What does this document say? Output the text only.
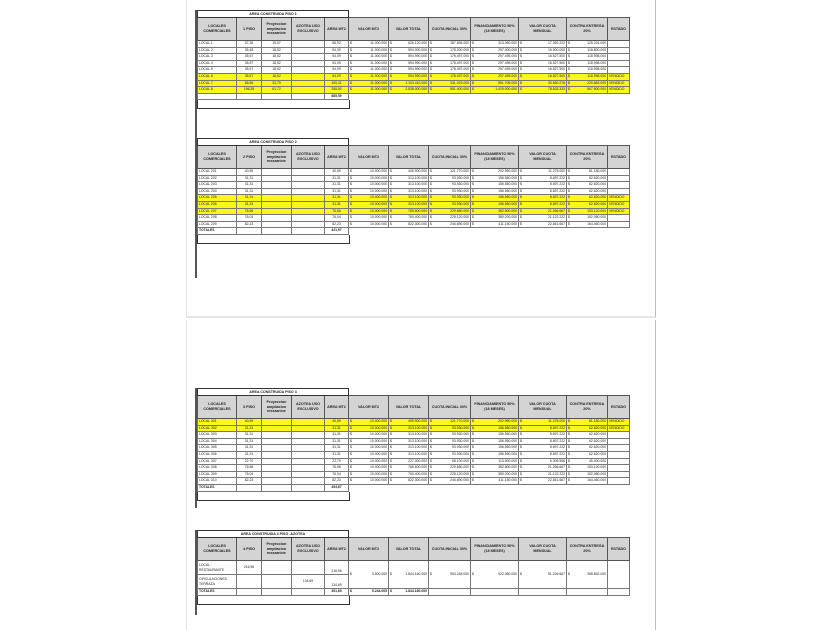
AREA CONSTRUIDA PISO 1											
LOCALES COMERCIALES	1 PISO	Proyeccion ampliacion mezzanine	AZOTEA USO EXCLUSIVO	AREA MT2	VALOR MT2	VALOR TOTAL	CUOTA INICIAL 30%	FINANCIAMIENTO 50% (18 MESES)	VALOR CUOTA MENSUAL	CONTRA ENTREGA 20%	ESTADO
LOCAL 1	37,35	19,57		56,92	$ 11.000.000	$ 626.120.000	$ 187.836.000	$ 313.060.000	$ 17.392.222	$ 125.224.000	

LOCAL 2	35,48	18,52		54,00	$ 11.000.000	$ 594.000.000	$ 178.200.000	$ 297.000.000	$ 16.500.000	$ 118.800.000	

LOCAL 3	35,57	18,52		54,09	$ 11.000.000	$ 594.990.000	$ 178.497.000	$ 297.495.000	$ 16.527.500	$ 118.998.000	

LOCAL 4	35,57	18,52		54,09	$ 11.000.000	$ 594.990.000	$ 178.497.000	$ 297.495.000	$ 16.527.500	$ 118.998.000	

LOCAL 5	35,57	18,52		54,09	$ 11.000.000	$ 594.990.000	$ 178.497.000	$ 297.495.000	$ 16.527.500	$ 118.998.000	

LOCAL 6	35,57	18,52		54,09	$ 11.000.000	$ 594.990.000	$ 178.497.000	$ 297.495.000	$ 16.527.500	$ 118.998.000	VENDIDO
LOCAL 7	66,56	33,75		100,31	$ 11.000.000	$ 1.103.410.000	$ 331.023.000	$ 551.705.000	$ 30.650.278	$ 220.682.000	VENDIDO
LOCAL 8	196,28	61,72		258,00	$ 11.000.000	$ 2.838.000.000	$ 851.400.000	$ 1.419.000.000	$ 78.833.333	$ 567.600.000	VENDIDO
				685,59							
AREA CONSTRUIDA PISO 2											
LOCALES COMERCIALES	2 PISO	Proyeccion ampliacion mezzanine	AZOTEA USO EXCLUSIVO	AREA MT2	VALOR MT2	VALOR TOTAL	CUOTA INICIAL 30%	FINANCIAMIENTO 50% (18 MESES)	VALOR CUOTA MENSUAL	CONTRA ENTREGA 20%	ESTADO
LOCAL 201	40,59			40,59	$ 10.000.000	$ 405.900.000	$ 121.770.000	$ 202.950.000	$ 11.275.000	$ 81.180.000	

LOCAL 202	31,31			31,31	$ 10.000.000	$ 313.100.000	$ 93.930.000	$ 156.550.000	$ 8.697.222	$ 62.620.000	

LOCAL 203	31,31			31,31	$ 10.000.000	$ 313.100.000	$ 93.930.000	$ 156.550.000	$ 8.697.222	$ 62.620.000	

LOCAL 204	31,31			31,31	$ 10.000.000	$ 313.100.000	$ 93.930.000	$ 156.550.000	$ 8.697.222	$ 62.620.000	

LOCAL 205	31,31			31,31	$ 10.000.000	$ 313.100.000	$ 93.930.000	$ 156.550.000	$ 8.697.222	$ 62.620.000	VENDIDO
LOCAL 206	31,31			31,31	$ 10.000.000	$ 313.100.000	$ 93.930.000	$ 156.550.000	$ 8.697.222	$ 62.620.000	VENDIDO
LOCAL 207	76,56			76,56	$ 10.000.000	$ 765.600.000	$ 229.680.000	$ 382.800.000	$ 21.266.667	$ 153.120.000	VENDIDO
LOCAL 208	76,04			76,04	$ 10.000.000	$ 760.400.000	$ 228.120.000	$ 380.200.000	$ 21.122.222	$ 152.080.000	

LOCAL 209	82,23			82,23	$ 10.000.000	$ 822.300.000	$ 246.690.000	$ 411.150.000	$ 22.841.667	$ 164.460.000	

TOTALES				421,97							
AREA CONSTRUIDA PISO 3											
LOCALES COMERCIALES	3 PISO	Proyeccion ampliacion mezzanine	AZOTEA USO EXCLUSIVO	AREA MT2	VALOR MT2	VALOR TOTAL	CUOTA INICIAL 30%	FINANCIAMIENTO 50% (18 MESES)	VALOR CUOTA MENSUAL	CONTRA ENTREGA 20%	ESTADO
LOCAL 301	40,59			40,59	$ 10.000.000	$ 405.900.000	$ 121.770.000	$ 202.950.000	$ 11.275.000	$ 81.180.000	VENDIDO
LOCAL 302	31,31			31,31	$ 10.000.000	$ 313.100.000	$ 93.930.000	$ 156.550.000	$ 8.697.222	$ 62.620.000	VENDIDO
LOCAL 303	31,31			31,31	$ 10.000.000	$ 313.100.000	$ 93.930.000	$ 156.550.000	$ 8.697.222	$ 62.620.000	

LOCAL 304	31,31			31,31	$ 10.000.000	$ 313.100.000	$ 93.930.000	$ 156.550.000	$ 8.697.222	$ 62.620.000	

LOCAL 305	31,31			31,31	$ 10.000.000	$ 313.100.000	$ 93.930.000	$ 156.550.000	$ 8.697.222	$ 62.620.000	

LOCAL 306	31,31			31,31	$ 10.000.000	$ 313.100.000	$ 93.930.000	$ 156.550.000	$ 8.697.222	$ 62.620.000	

LOCAL 307	22,70			22,70	$ 10.000.000	$ 227.000.000	$ 68.100.000	$ 113.500.000	$ 6.305.556	$ 45.400.000	

LOCAL 308	76,56			76,56	$ 10.000.000	$ 765.600.000	$ 229.680.000	$ 382.800.000	$ 21.266.667	$ 153.120.000	

LOCAL 309	76,04			76,04	$ 10.000.000	$ 760.400.000	$ 228.120.000	$ 380.200.000	$ 21.122.222	$ 152.080.000	

LOCAL 310	82,23			82,23	$ 10.000.000	$ 822.300.000	$ 246.690.000	$ 411.150.000	$ 22.841.667	$ 164.460.000	

TOTALES				454,67							
AREA CONSTRUIDA 4 PISO -AZOTEA											
LOCALES COMERCIALES	4 PISO	Proyeccion ampliacion mezzanine	AZOTEA USO EXCLUSIVO	AREA MT2	VALOR MT2	VALOR TOTAL	CUOTA INICIAL 30%	FINANCIAMIENTO 50% (18 MESES)	VALOR CUOTA MENSUAL	CONTRA ENTREGA 20%	ESTADO
LOCAL RESTAURANTE	216,96			216,96	$ 3.500.000	$ 1.844.160.000	$ 553.248.000	$ 922.080.000	$ 51.226.667	$ 368.832.000	

CIRCULACIONES-TERRAZA			134,69	134,69							
TOTALES				351,65	$ 5.244.005	$ 1.844.160.000					
